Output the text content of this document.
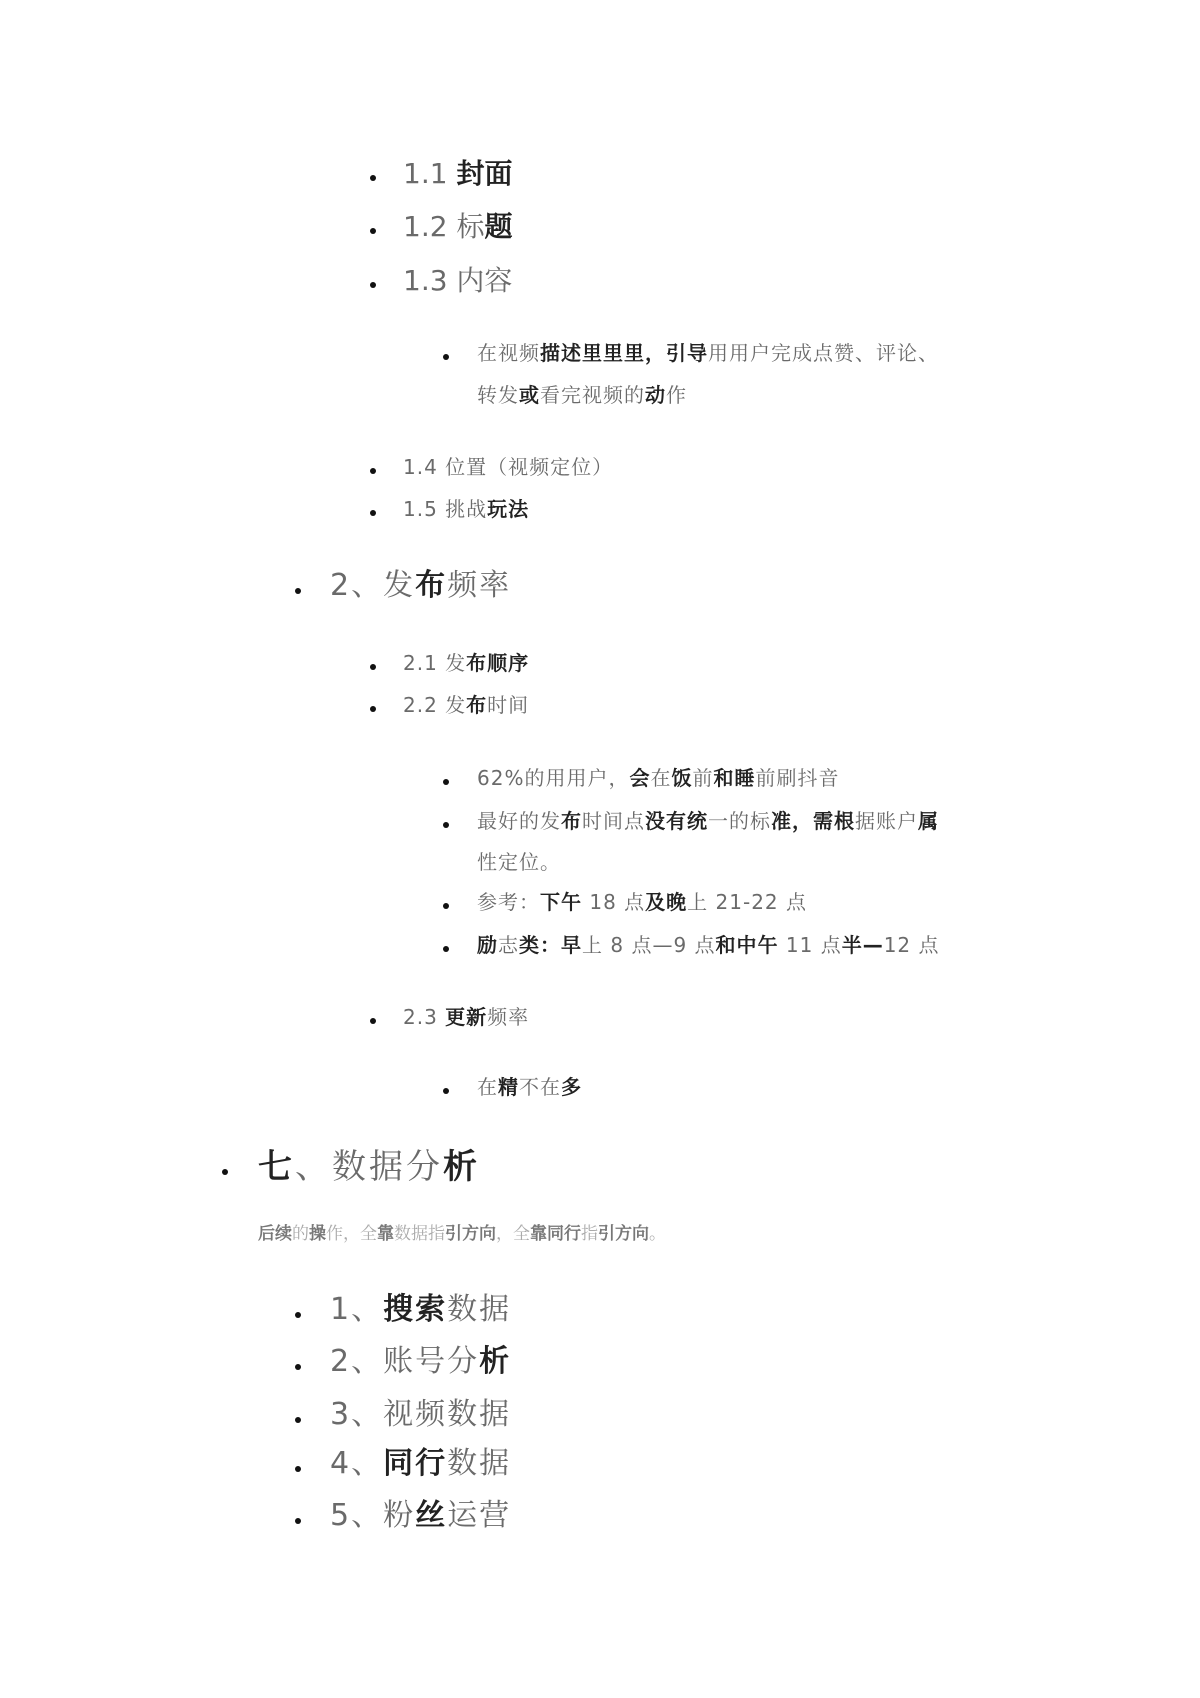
1.1 封面
1.2 标题
1.3 内容
在视频描述里里里，引导用用户完成点赞、评论、
转发或看完视频的动作
1.4 位置（视频定位）
1.5 挑战玩法
2、发布频率
2.1 发布顺序
2.2 发布时间
62%的用用户，会在饭前和睡前刷抖音
最好的发布时间点没有统一的标准，需根据账户属
性定位。
参考：下午 18 点及晚上 21-22 点
励志类：早上 8 点—9 点和中午 11 点半—12 点
2.3 更新频率
在精不在多
七、数据分析
后续的操作，全靠数据指引方向，全靠同行指引方向。
1、搜索数据
2、账号分析
3、视频数据
4、同行数据
5、粉丝运营
